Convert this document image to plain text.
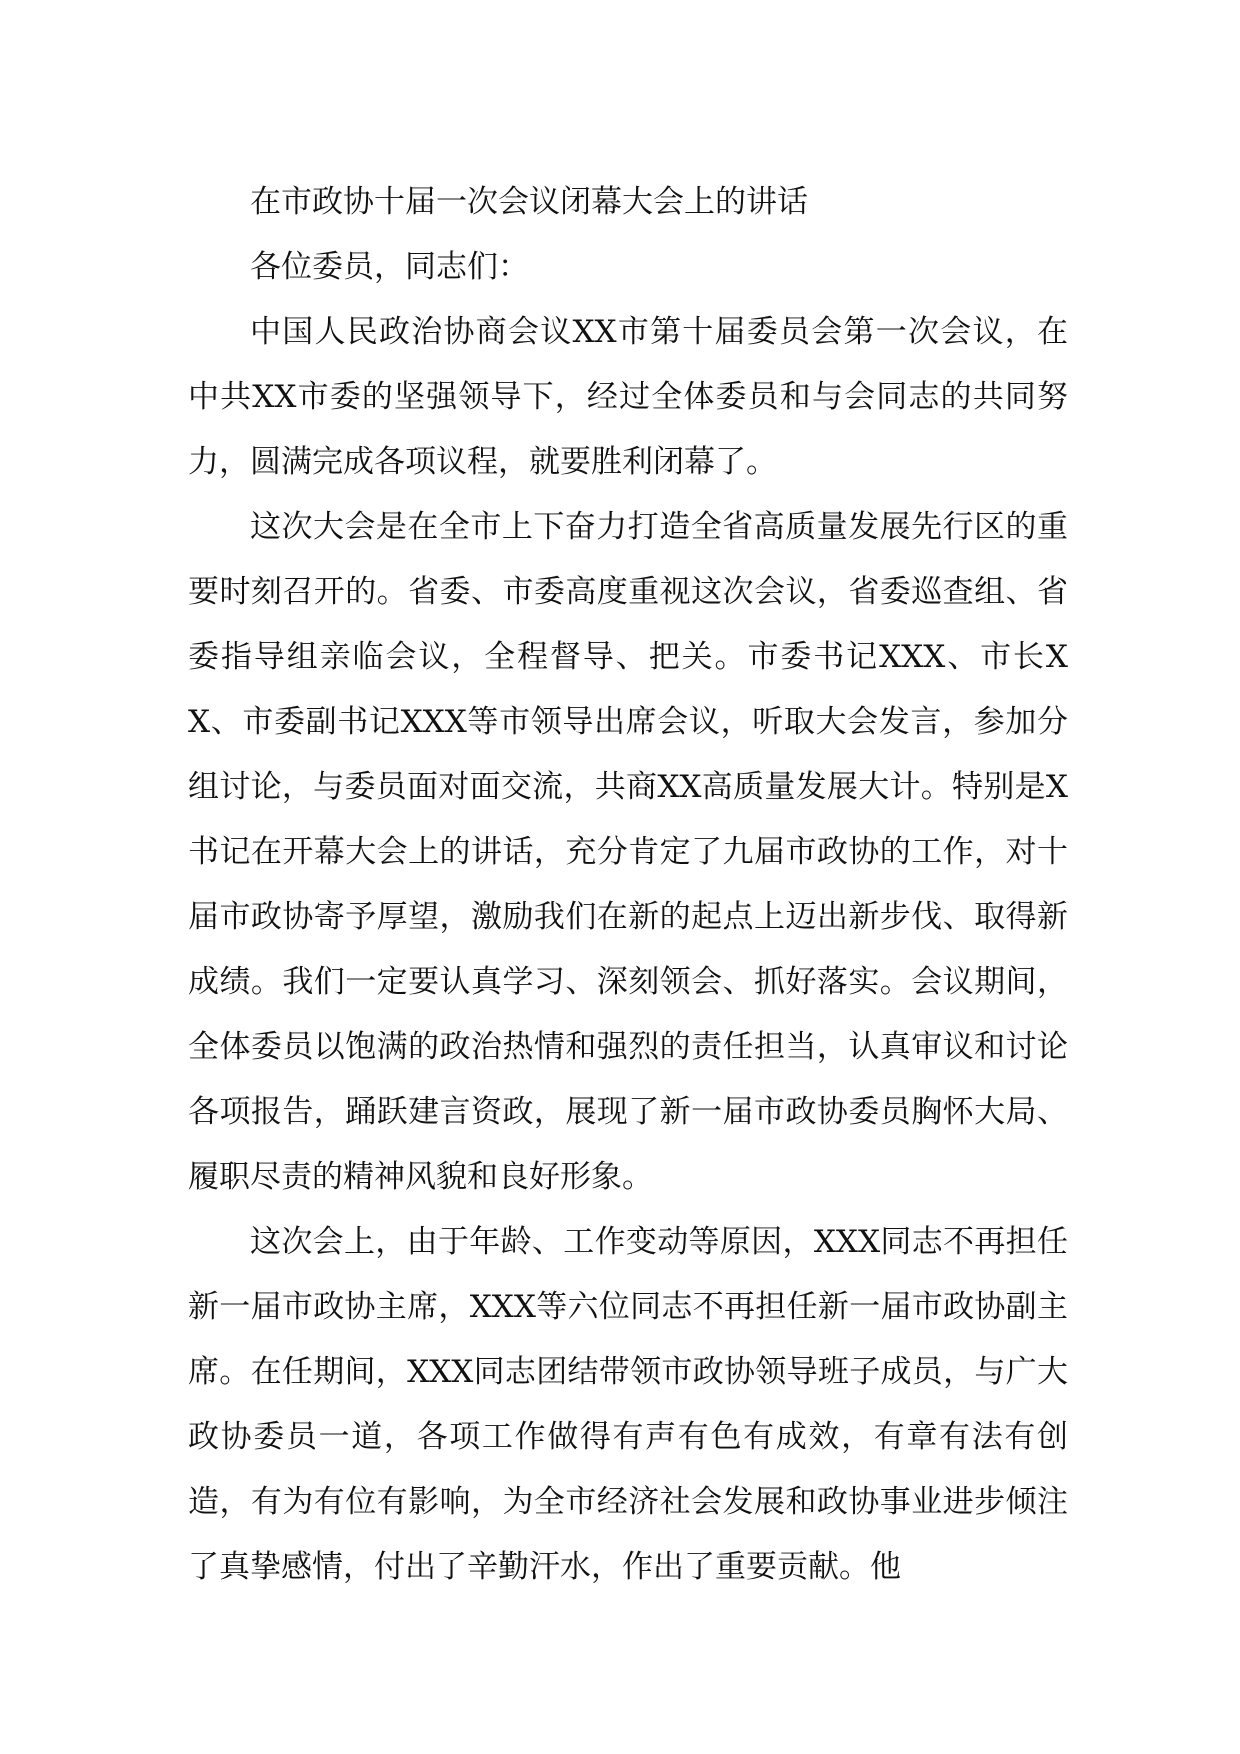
在市政协十届一次会议闭幕大会上的讲话

各位委员，同志们：

中国人民政治协商会议XX市第十届委员会第一次会议，在中共XX市委的坚强领导下，经过全体委员和与会同志的共同努力，圆满完成各项议程，就要胜利闭幕了。

这次大会是在全市上下奋力打造全省高质量发展先行区的重要时刻召开的。省委、市委高度重视这次会议，省委巡查组、省委指导组亲临会议，全程督导、把关。市委书记XXX、市长XX、市委副书记XXX等市领导出席会议，听取大会发言，参加分组讨论，与委员面对面交流，共商XX高质量发展大计。特别是X书记在开幕大会上的讲话，充分肯定了九届市政协的工作，对十届市政协寄予厚望，激励我们在新的起点上迈出新步伐、取得新成绩。我们一定要认真学习、深刻领会、抓好落实。会议期间，全体委员以饱满的政治热情和强烈的责任担当，认真审议和讨论各项报告，踊跃建言资政，展现了新一届市政协委员胸怀大局、履职尽责的精神风貌和良好形象。

这次会上，由于年龄、工作变动等原因，XXX同志不再担任新一届市政协主席，XXX等六位同志不再担任新一届市政协副主席。在任期间，XXX同志团结带领市政协领导班子成员，与广大政协委员一道，各项工作做得有声有色有成效，有章有法有创造，有为有位有影响，为全市经济社会发展和政协事业进步倾注了真挚感情，付出了辛勤汗水，作出了重要贡献。他
